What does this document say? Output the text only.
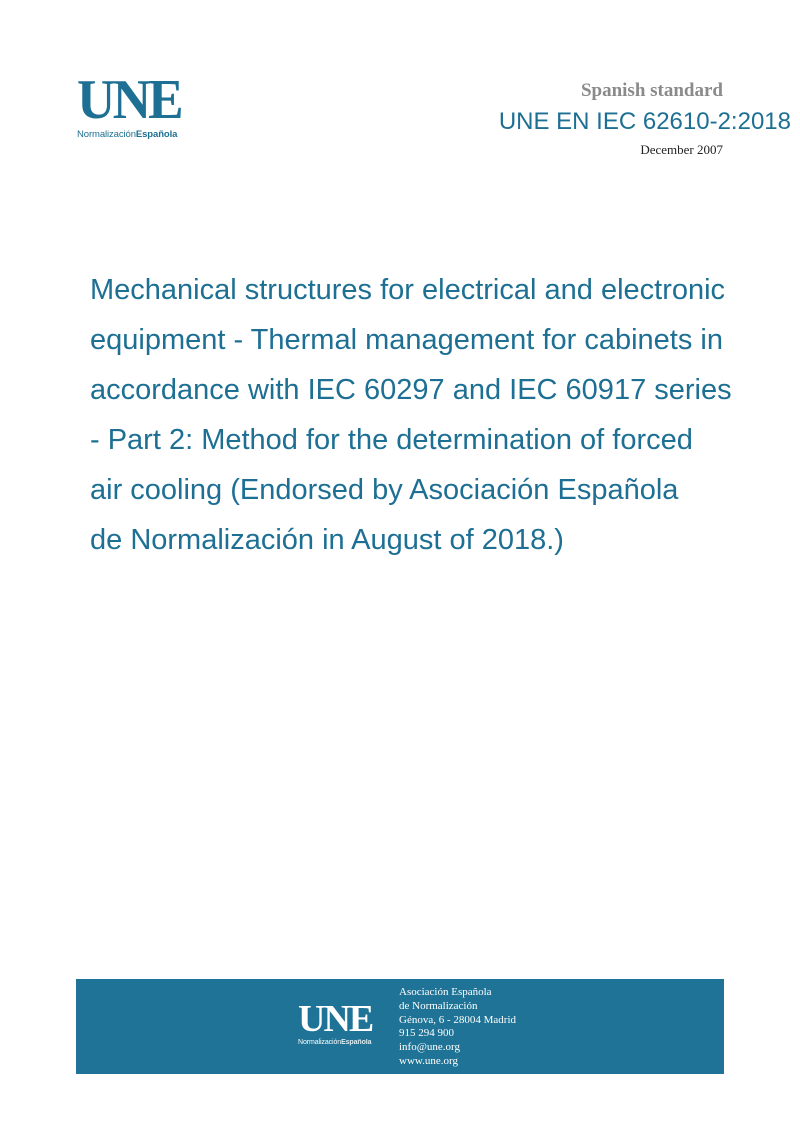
UNE
NormalizaciónEspañola
Spanish standard
UNE EN IEC 62610-2:2018
December 2007
Mechanical structures for electrical and electronic
equipment - Thermal management for cabinets in
accordance with IEC 60297 and IEC 60917 series
- Part 2: Method for the determination of forced
air cooling (Endorsed by Asociación Española
de Normalización in August of 2018.)
UNE
NormalizaciónEspañola
Asociación Española
de Normalización
Génova, 6 - 28004 Madrid
915 294 900
info@une.org
www.une.org
